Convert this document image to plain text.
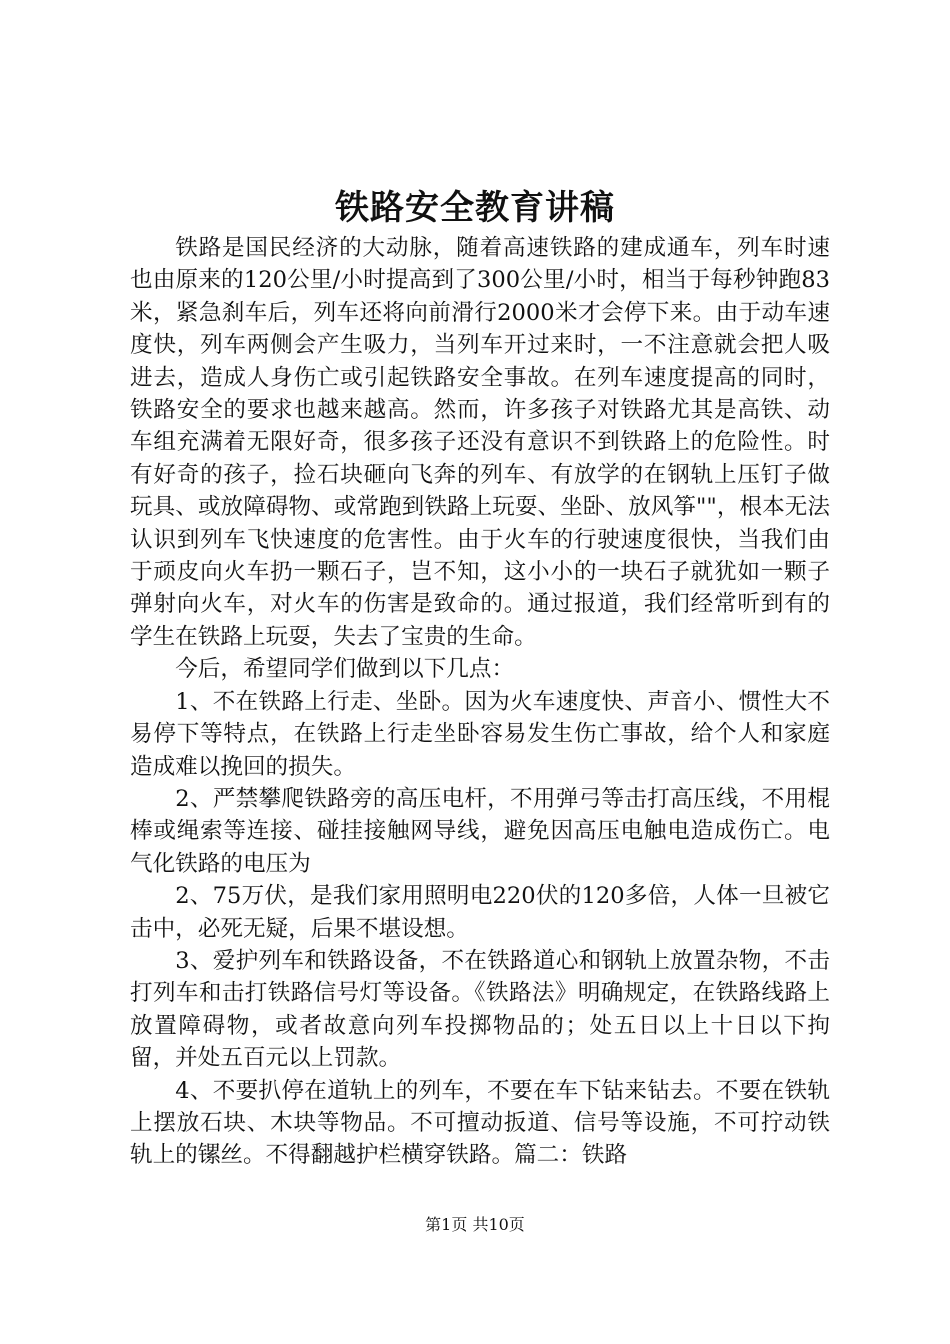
铁路安全教育讲稿

铁路是国民经济的大动脉，随着高速铁路的建成通车，列车时速也由原来的120公里/小时提高到了300公里/小时，相当于每秒钟跑83米，紧急刹车后，列车还将向前滑行2000米才会停下来。由于动车速度快，列车两侧会产生吸力，当列车开过来时，一不注意就会把人吸进去，造成人身伤亡或引起铁路安全事故。在列车速度提高的同时，铁路安全的要求也越来越高。然而，许多孩子对铁路尤其是高铁、动车组充满着无限好奇，很多孩子还没有意识不到铁路上的危险性。时有好奇的孩子，捡石块砸向飞奔的列车、有放学的在钢轨上压钉子做玩具、或放障碍物、或常跑到铁路上玩耍、坐卧、放风筝""，根本无法认识到列车飞快速度的危害性。由于火车的行驶速度很快，当我们由于顽皮向火车扔一颗石子，岂不知，这小小的一块石子就犹如一颗子弹射向火车，对火车的伤害是致命的。通过报道，我们经常听到有的学生在铁路上玩耍，失去了宝贵的生命。

今后，希望同学们做到以下几点：

1、不在铁路上行走、坐卧。因为火车速度快、声音小、惯性大不易停下等特点，在铁路上行走坐卧容易发生伤亡事故，给个人和家庭造成难以挽回的损失。

2、严禁攀爬铁路旁的高压电杆，不用弹弓等击打高压线，不用棍棒或绳索等连接、碰挂接触网导线，避免因高压电触电造成伤亡。电气化铁路的电压为

2、75万伏，是我们家用照明电220伏的120多倍，人体一旦被它击中，必死无疑，后果不堪设想。

3、爱护列车和铁路设备，不在铁路道心和钢轨上放置杂物，不击打列车和击打铁路信号灯等设备。《铁路法》明确规定，在铁路线路上放置障碍物，或者故意向列车投掷物品的；处五日以上十日以下拘留，并处五百元以上罚款。

4、不要扒停在道轨上的列车，不要在车下钻来钻去。不要在铁轨上摆放石块、木块等物品。不可擅动扳道、信号等设施，不可拧动铁轨上的镙丝。不得翻越护栏横穿铁路。篇二：铁路

第1页 共10页
